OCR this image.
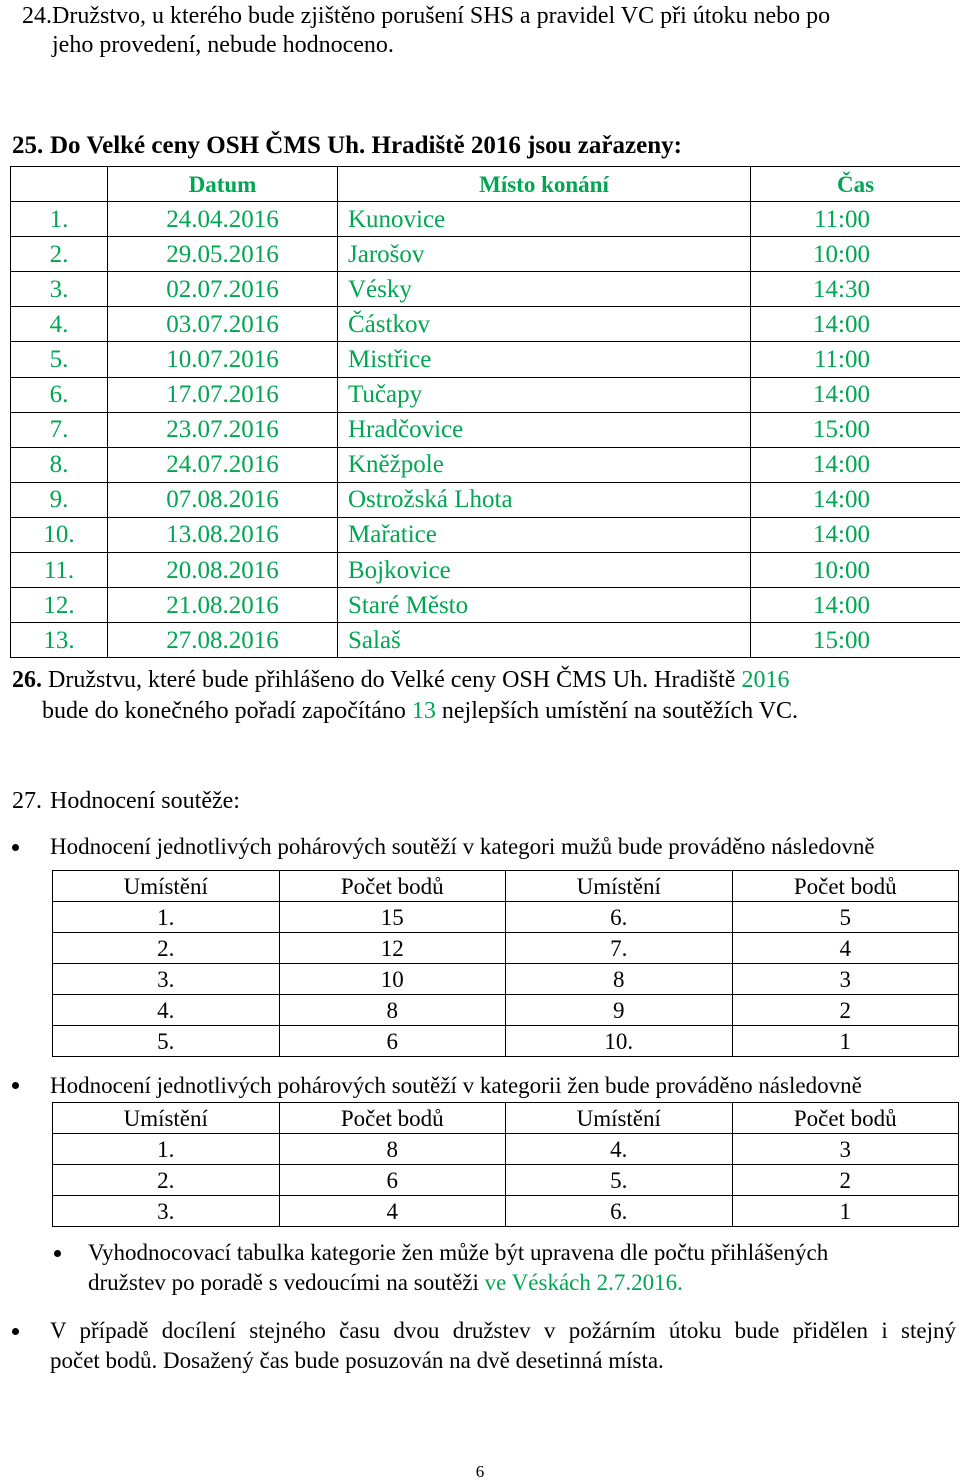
24.Družstvo, u kterého bude zjištěno porušení SHS a pravidel VC při útoku nebo po
jeho provedení, nebude hodnoceno.
25. Do Velké ceny OSH ČMS Uh. Hradiště 2016 jsou zařazeny:
	Datum	Místo konání	Čas
1.	24.04.2016	Kunovice	11:00
2.	29.05.2016	Jarošov	10:00
3.	02.07.2016	Vésky	14:30
4.	03.07.2016	Částkov	14:00
5.	10.07.2016	Mistřice	11:00
6.	17.07.2016	Tučapy	14:00
7.	23.07.2016	Hradčovice	15:00
8.	24.07.2016	Kněžpole	14:00
9.	07.08.2016	Ostrožská Lhota	14:00
10.	13.08.2016	Mařatice	14:00
11.	20.08.2016	Bojkovice	10:00
12.	21.08.2016	Staré Město	14:00
13.	27.08.2016	Salaš	15:00
26. Družstvu, které bude přihlášeno do Velké ceny OSH ČMS Uh. Hradiště 2016
bude do konečného pořadí započítáno 13 nejlepších umístění na soutěžích VC.
27. Hodnocení soutěže:
Hodnocení jednotlivých pohárových soutěží v kategori mužů bude prováděno následovně
Umístění	Počet bodů	Umístění	Počet bodů
1.	15	6.	5
2.	12	7.	4
3.	10	8	3
4.	8	9	2
5.	6	10.	1
Hodnocení jednotlivých pohárových soutěží v kategorii žen bude prováděno následovně
Umístění	Počet bodů	Umístění	Počet bodů
1.	8	4.	3
2.	6	5.	2
3.	4	6.	1
Vyhodnocovací tabulka kategorie žen může být upravena dle počtu přihlášených
družstev po poradě s vedoucími na soutěži ve Véskách 2.7.2016.
V případě docílení stejného času dvou družstev v požárním útoku bude přidělen i stejný
počet bodů. Dosažený čas bude posuzován na dvě desetinná místa.
6
